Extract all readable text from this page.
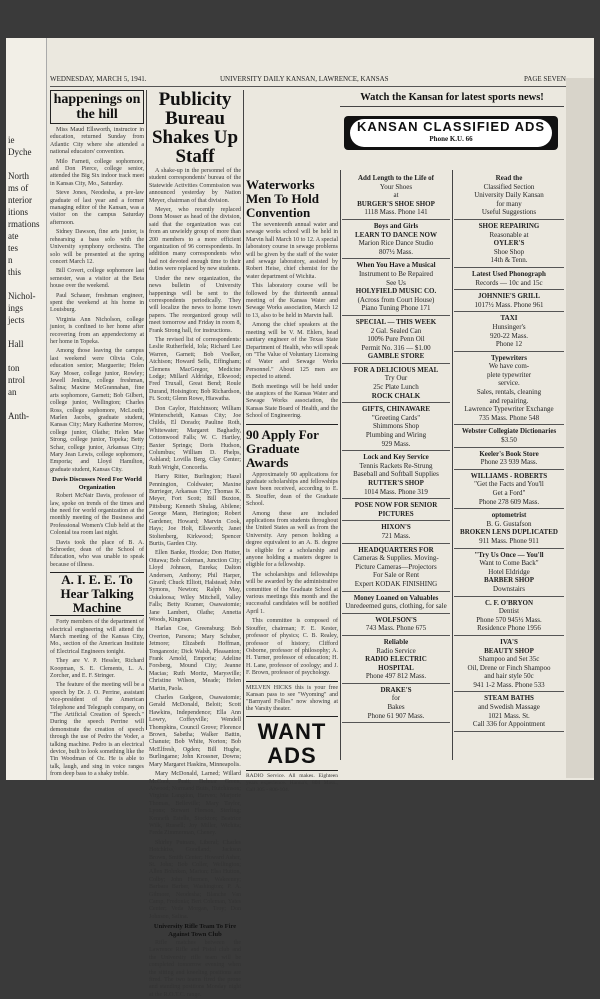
ie
Dyche
North
ms of
nterior
itions
rmations
ate
tes
n
this
Nichol-
ings
jects
Hall
ton
ntrol
an
Anth-
WEDNESDAY, MARCH 5, 1941.	UNIVERSITY DAILY KANSAN, LAWRENCE, KANSAS	PAGE SEVEN
happenings on the hill

Miss Maud Ellsworth, instructor in education, returned Sunday from Atlantic City where she attended a national educators' convention.

Milo Farneti, college sophomore, and Don Pierce, college senior, attended the Big Six indoor track meet in Kansas City, Mo., Saturday.

Steve Jones, Neodesha, a pre-law graduate of last year and a former managing editor of the Kansan, was a visitor on the campus Saturday afternoon.

Sidney Dawson, fine arts junior, is rehearsing a bass solo with the University symphony orchestra. The solo will be presented at the spring concert March 12.

Bill Covert, college sophomore last semester, was a visitor at the Beta house over the weekend.

Paul Schauer, freshman engineer, spent the weekend at his home in Louisburg.

Virginia Ann Nicholson, college junior, is confined to her home after recovering from an appendectomy at her home in Topeka.

Among those leaving the campus last weekend were Olivia Cole, education senior; Marguerite; Helen Kay Moser, college junior, Rowley; Jewell Jenkins, college freshman, Salina; Maxine McGrannahan, fine arts sophomore, Garnett; Bob Gilbert, college junior, Wellington; Charles Ross, college sophomore, McLouth; Marlen Jacobs, graduate student, Kansas City; Mary Katherine Morrow, college junior, Olathe; Helen Mae Strong, college junior, Topeka; Betty Schar, college junior, Arkansas City; Mary Jean Lewis, college sophomore, Emporia; and Lloyd Hamilton, graduate student, Kansas City.

Davis Discusses Need For World Organization

Robert McNair Davis, professor of law, spoke on trends of the times and the need for world organization at the monthly meeting of the Business and Professional Women's Club held at the Colonial tea room last night.

Davis took the place of B. A. Schroeder, dean of the School of Education, who was unable to speak because of illness.

A. I. E. E. To Hear Talking Machine

Forty members of the department of electrical engineering will attend the March meeting of the Kansas City, Mo., section of the American Institute of Electrical Engineers tonight.

They are V. P. Hessler, Richard Koopman, S. E. Clements, L. A. Zorcher, and E. F. Stringer.

The feature of the meeting will be a speech by Dr. J. O. Perrine, assistant vice-president of the American Telephone and Telegraph company, on "The Artificial Creation of Speech." During the speech Perrine will demonstrate the creation of speech through the use of Pedro the Voder, a talking machine. Pedro is an electrical device, built to look something like the Tin Woodman of Oz. He is able to talk, laugh, and sing in voice ranges from deep bass to a shaky treble.

Publicity Bureau Shakes Up Staff

A shake-up in the personnel of the student correspondents' bureau of the Statewide Activities Commission was announced yesterday by Nation Meyer, chairman of that division.

Meyer, who recently replaced Donn Mosser as head of the division, said that the organization was cut from an unwieldy group of more than 200 members to a more efficient organization of 96 correspondents. In addition many correspondents who had not devoted enough time to their duties were replaced by new students.

Under the new organization, the news bulletin of University happenings will be sent to the correspondents periodically. They will localize the news to home town papers. The reorganized group will meet tomorrow and Friday in room 8, Frank Strong hall, for instructions.

The revised list of correspondents: Leslie Rutherfield, Iola; Richard Lee Warren, Garnett; Bob Voelker, Atchison; Howard Sells, Effingham; Clemens MacGregor, Medicine Lodge; Millard Aldridge, Elkwood; Fred Truxall, Great Bend; Roule Durand, Hoisington; Bob Richardson, Ft. Scott; Glenn Rowe, Hiawatha.

Don Caylor, Hutchinson; William Winterscheidt, Kansas City; Joe Childs, El Dorado; Pauline Roth, Whitewater; Margaret Baghadiy, Cottonwood Falls; W. C. Hartley, Baxter Springs; Doris Hudson, Columbus; William D. Phelps, Ashland; Lovilla Berg, Clay Center; Ruth Wright, Concordia.

Harry Ritter, Burlington; Hazel Pennington, Coldwater; Maxine Burrieger, Arkansas City; Thomas K. Meyer, Fort Scott; Bill Buxton, Pittsburg; Kenneth Shulag, Abilene; George Mann, Herington; Robert Gardener, Howard; Marvin Cook, Hays; Joe Holt, Ellsworth; Janet Stoltenberg, Kirkwood; Spencer Burtis, Garden City.

Ellen Banke, Hoxkie; Don Hutter, Ottawa; Bob Coleman, Junction City; Lloyd Johnson, Eureka; Dalton Andersen, Anthony; Phil Harper, Girard; Chuck Elliott, Halstead; John Symons, Newton; Ralph May, Oskaloosa; Wiley Mitchell, Valley Falls; Betty Kramer, Osawatomie; Jane Lambert, Olathe; Annetta Woods, Kingman.

Harlan Coe, Greensburg; Bob Overton, Parsons; Mary Schuber, Jetmore; Elizabeth Hoffman, Tonganoxie; Dick Walsh, Pleasanton; Frank Arnold, Emporia; Adeline Forsberg, Mound City; Jeanne Macias; Ruth Moritz, Marysville; Christine Wilson, Meade; Helen Martin, Paola.

Charles Gudgeon, Osawatomie; Gerald McDonald, Beloit; Scott Hawkins, Independence; Ella Ann Lowry, Coffeyville; Wendell Thompkins, Council Grove; Florence Brown, Sabetha; Walker Battin, Chanute; Bob White, Norton; Bob McElfresh, Ogden; Bill Hughe, Burlingame; John Krossner, Downs; Mary Margaret Haskins, Minneapolis.

Mary McDonald, Larned; Willard McCool, Pratt; Delmar Green, Atwood; Normand Butts, Hutchinson; Virginia Langdon, Harveo; Marjorie Thomas, Belleville; Mary Taylor, Lyons; Stewart Fleeson, Sterling; Kenneth Estelle, Stockton; Beatrice Wilk, Russell; Joy Miller, Wichita; Freda Zimmerman, Cheney.

Shirley Putnam, Liberal; Charles Hotchkiss, Goodland; Jackson Brown, Smith Center; Howard Asher, St. John; Bob Coller, Wellington; Allen Bohnken, Marion; Elsa Hutton, Colby; John Flermen, Wakeeney; Barbara Barber, Washington; P. A. Gilmore, Neodesha; Blanche Van Camp, Fredonia; Bert Coleman, Yates Center; Veda Morgan, Troy; Don Johnson, Salina.

University Rifle Team To Fire Against Town Club

Rifle matches between the Lawrence Rifle and Pistol club and the University rifle team will be completed tomorrow evening when the sitting and kneeling positions are fired. The two teams fired the prone and standing positions Monday night at the R.O.T.C. range.

Waterworks Men To Hold Convention

The seventeenth annual water and sewage works school will be held in Marvin hall March 10 to 12. A special laboratory course in sewage problems will be given by the staff of the water and sewage laboratory, assisted by Robert Heise, chief chemist for the water department of Wichita.

This laboratory course will be followed by the thirteenth annual meeting of the Kansas Water and Sewage Works association, March 12 to 13, also to be held in Marvin hall.

Among the chief speakers at the meeting will be V. M. Ehlers, head sanitary engineer of the Texas State Department of Health, who will speak on "The Value of Voluntary Licensing of Water and Sewage Works Personnel." About 125 men are expected to attend.

Both meetings will be held under the auspices of the Kansas Water and Sewage Works association, the Kansas State Board of Health, and the School of Engineering.

90 Apply For Graduate Awards

Approximately 90 applications for graduate scholarships and fellowships have been received, according to E. B. Stouffer, dean of the Graduate School.

Among these are included applications from students throughout the United States as well as from the University. Any person holding a degree equivalent to an A. B. degree is eligible for a scholarship and anyone holding a masters degree is eligible for a fellowship.

The scholarships and fellowships will be awarded by the administrative committee of the Graduate School at various meetings this month and the successful candidates will be notified April 1.

This committee is composed of Stouffer, chairman; F. E. Kester, professor of physics; C. B. Realey, professor of history; Clifford Osborne, professor of philosophy; A. H. Turner, professor of education; H. H. Lane, professor of zoology; and J. F. Brown, professor of psychology.

MELVEN HICKS this is your free Kansan pass to see "Wyoming" and "Barnyard Follies" now showing at the Varsity theater.
WANT ADS
RADIO Service. All makes. Eighteen years experience. Hanna's, 804 Mass., Call 305 - 806-104.
Watch the Kansan for latest sports news!
KANSAN CLASSIFIED ADS
Phone K.U. 66
Add Length to the Life of
Your Shoes
at
BURGER'S SHOE SHOP
1118 Mass. Phone 141
Boys and Girls
LEARN TO DANCE NOW
Marion Rice Dance Studio
807½ Mass.
When You Have a Musical
Instrument to Be Repaired
See Us
HOLYFIELD MUSIC CO.
(Across from Court House)
Piano Tuning Phone 171
SPECIAL — THIS WEEK
2 Gal. Sealed Can
100% Pure Penn Oil
Permit No. 316 — $1.00
GAMBLE STORE
FOR A DELICIOUS MEAL
Try Our
25c Plate Lunch
ROCK CHALK
GIFTS, CHINAWARE
"Greeting Cards"
Shimmons Shop
Plumbing and Wiring
929 Mass.
Lock and Key Service
Tennis Rackets Re-Strung
Baseball and Softball Supplies
RUTTER'S SHOP
1014 Mass. Phone 319
POSE NOW FOR SENIOR
PICTURES
HIXON'S
721 Mass.
HEADQUARTERS FOR
Cameras & Supplies. Moving-
Picture Cameras—Projectors
For Sale or Rent
Expert KODAK FINISHING
Money Loaned on Valuables
Unredeemed guns, clothing, for sale
WOLFSON'S
743 Mass. Phone 675
Reliable
Radio Service
RADIO ELECTRIC
HOSPITAL
Phone 497 812 Mass.
DRAKE'S
for
Bakes
Phone 61 907 Mass.
Read the
Classified Section
University Daily Kansan
for many
Useful Suggestions
SHOE REPAIRING
Reasonable at
OYLER'S
Shoe Shop
14th & Tenn.
Latest Used Phonograph
Records — 10c and 15c
JOHNNIE'S GRILL
1017½ Mass. Phone 961
TAXI
Hunsinger's
920-22 Mass.
Phone 12
Typewriters
We have com-
plete typewriter
service.
Sales, rentals, cleaning
and repairing.
Lawrence Typewriter Exchange
735 Mass. Phone 548
Webster Collegiate Dictionaries
$3.50
Keeler's Book Store
Phone 23 939 Mass.
WILLIAMS - ROBERTS
"Get the Facts and You'll
Get a Ford"
Phone 278 609 Mass.
optometrist
B. G. Gustafson
BROKEN LENS DUPLICATED
911 Mass. Phone 911
"Try Us Once — You'll
Want to Come Back"
Hotel Eldridge
BARBER SHOP
Downstairs
C. F. O'BRYON
Dentist
Phone 570 945½ Mass.
Residence Phone 1956
IVA'S
BEAUTY SHOP
Shampoo and Set 35c
Oil, Drene or Finch Shampoo
and hair style 50c
941 1-2 Mass. Phone 533
STEAM BATHS
and Swedish Massage
1021 Mass. St.
Call 336 for Appointment
